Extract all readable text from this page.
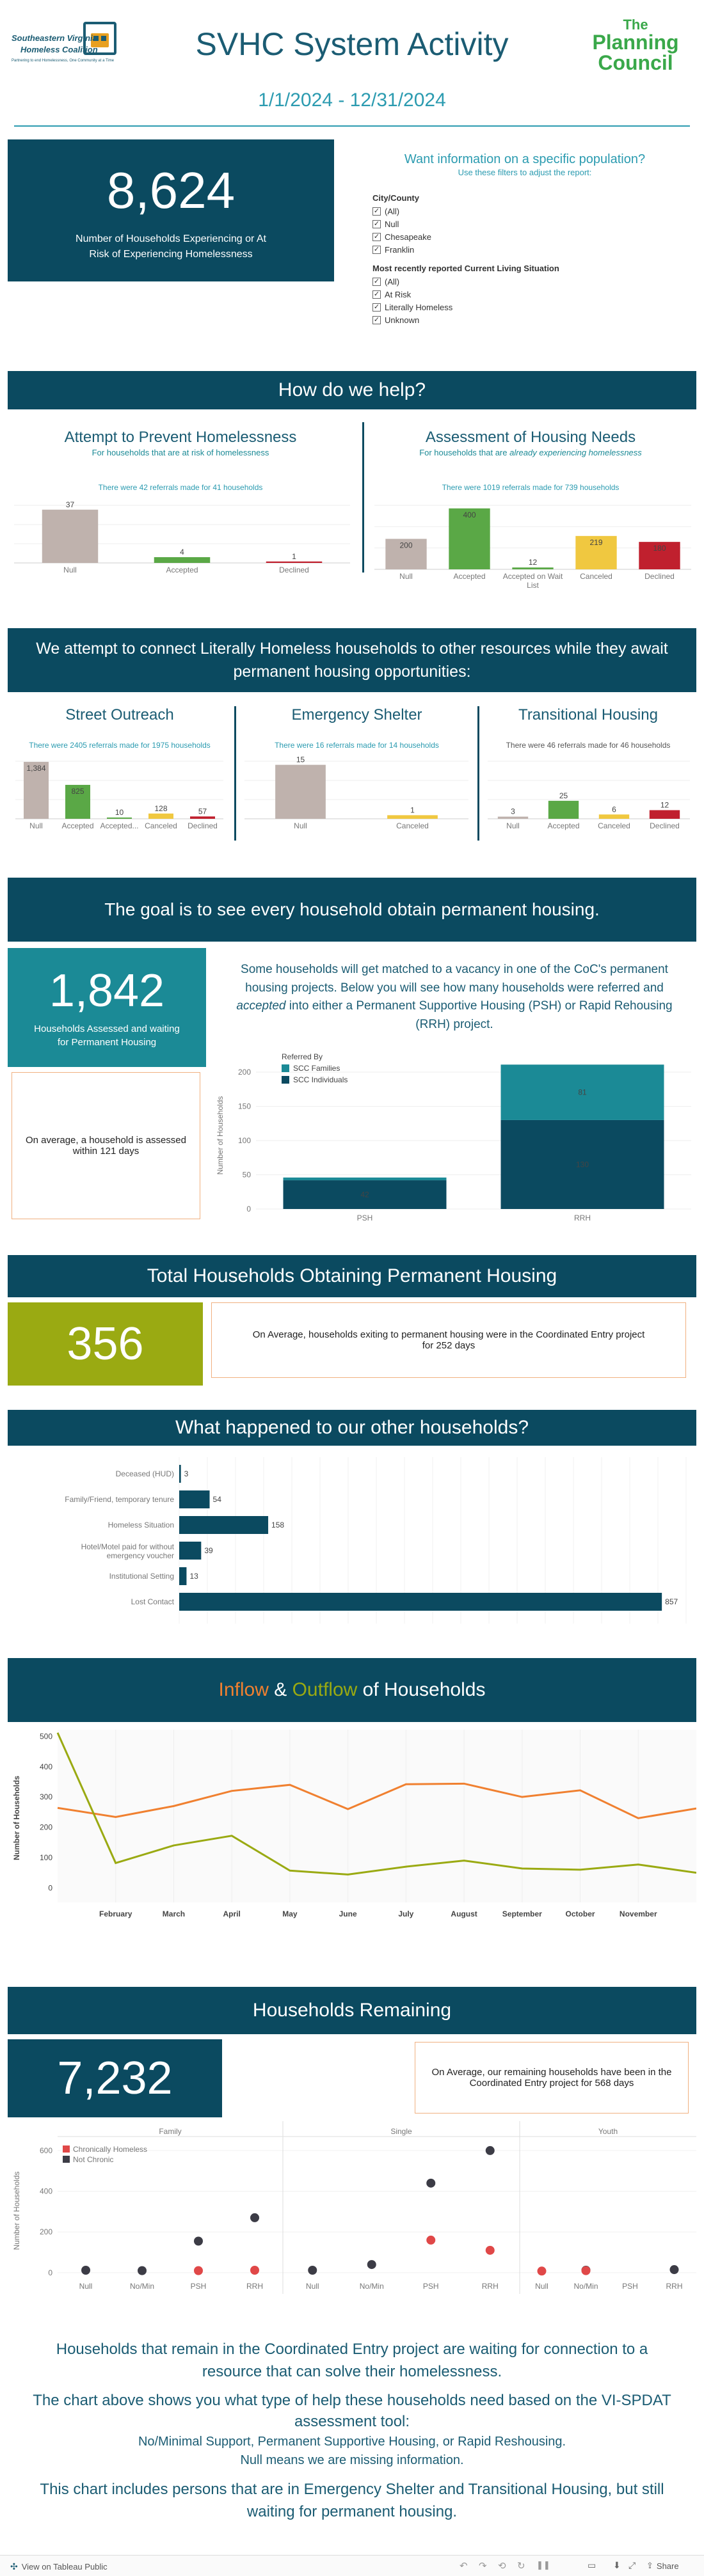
Southeastern Virginia
Homeless Coalition
Partnering to end Homelessness, One Community at a Time	SVHC System Activity
1/1/2024 - 12/31/2024
The
Planning
Council
8,624
Number of Households Experiencing or At Risk of Experiencing Homelessness
Want information on a specific population?
Use these filters to adjust the report:
City/County
✓ (All)
✓ Null
✓ Chesapeake
✓ Franklin
Most recently reported Current Living Situation
✓ (All)
✓ At Risk
✓ Literally Homeless
✓ Unknown
How do we help?
Attempt to Prevent Homelessness
For households that are at risk of homelessness
There were 42 referrals made for 41 households
37
Null
4
Accepted
1
Declined
Assessment of Housing Needs
For households that are already experiencing homelessness
There were 1019 referrals made for 739 households
200
Null
400
Accepted
12
Accepted on Wait
List
219
Canceled
180
Declined
We attempt to connect Literally Homeless households to other resources while they await
permanent housing opportunities:
Street Outreach
There were 2405 referrals made for 1975 households
1,384
Null
825
Accepted
10
Accepted...
128
Canceled
57
Declined
Emergency Shelter
There were 16 referrals made for 14 households
15
Null
1
Canceled
Transitional Housing
There were 46 referrals made for 46 households
3
Null
25
Accepted
6
Canceled
12
Declined
The goal is to see every household obtain permanent housing.
1,842
Households Assessed and waiting for Permanent Housing
Some households will get matched to a vacancy in one of the CoC's permanent
housing projects. Below you will see how many households were referred and
accepted into either a Permanent Supportive Housing (PSH) or Rapid Rehousing
(RRH) project.
On average, a household is assessed within 121 days
0
50
100
150
200
Number of Households
42
PSH
130
81
RRH
Referred By
SCC Families
SCC Individuals
Total Households Obtaining Permanent Housing
356	On Average, households exiting to permanent housing were in the Coordinated Entry project for 252 days
What happened to our other households?
3
Deceased (HUD)
54
Family/Friend, temporary tenure
158
Homeless Situation
39
Hotel/Motel paid for without
emergency voucher
13
Institutional Setting
857
Lost Contact
Inflow & Outflow of Households
0
100
200
300
400
500
Number of Households
February	March	April	May	June	July	August	September	October	November
Households Remaining
7,232	On Average, our remaining households have been in the Coordinated Entry project for 568 days
0
200
400
600
Number of Households
Family
Null	No/Min	PSH	RRH
Single
Null	No/Min	PSH	RRH
Youth
Null	No/Min	PSH	RRH
Chronically Homeless
Not Chronic
Households that remain in the Coordinated Entry project are waiting for connection to a
resource that can solve their homelessness.
The chart above shows you what type of help these households need based on the VI-SPDAT
assessment tool:
No/Minimal Support, Permanent Supportive Housing, or Rapid Reshousing.
Null means we are missing information.
This chart includes persons that are in Emergency Shelter and Transitional Housing, but still
waiting for permanent housing.
✣ View on Tableau Public	↶ ↷ ⟲ ↻ ❚❚	▭ ⬇ ⤢ ⇪ Share
